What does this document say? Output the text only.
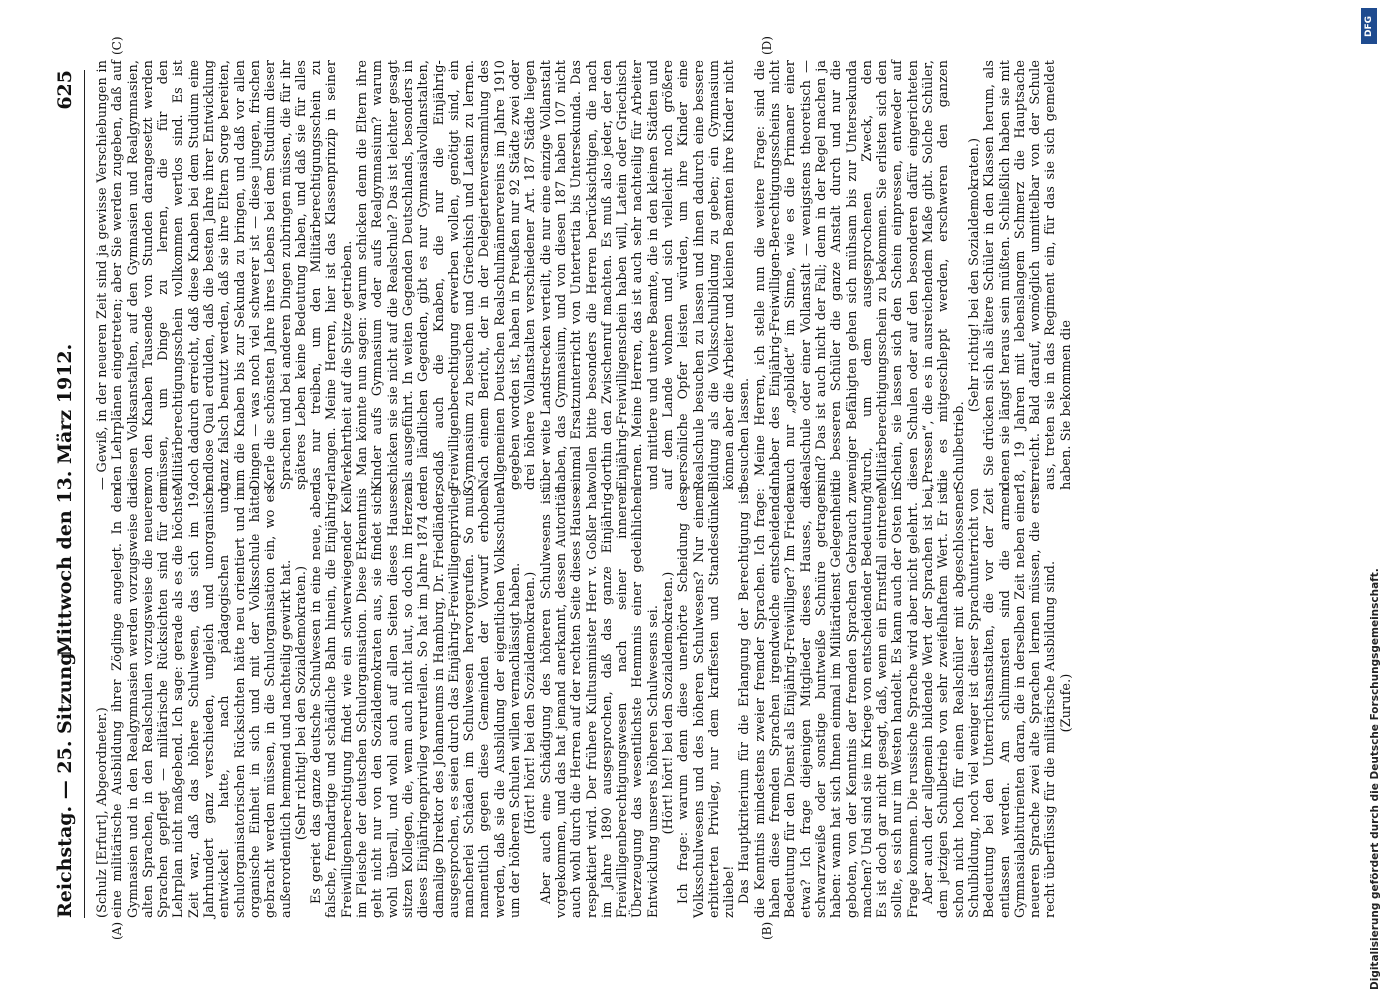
Reichstag. — 25. Sitzung.
Mittwoch den 13. März 1912.
625
(A)	(B)
(C)	(D)

(Schulz [Erfurt], Abgeordneter.) eine militärische Ausbildung ihrer Zöglinge angelegt. In den Gymnasien und in den Realgymnasien werden vorzugsweise die alten Sprachen, in den Realschulen vorzugsweise die neueren Sprachen gepflegt — militärische Rücksichten sind für den Lehrplan nicht maßgebend. Ich sage: gerade als es die höchste Zeit war, daß das höhere Schulwesen, das sich im 19. Jahrhundert ganz verschieden, ungleich und unorganisch entwickelt hatte, nach pädagogischen und schulorganisatorischen Rücksichten hätte neu orientiert und in organische Einheit in sich und mit der Volksschule hätte gebracht werden müssen, in die Schulorganisation ein, wo es außerordentlich hemmend und nachteilig gewirkt hat. (Sehr richtig! bei den Sozialdemokraten.) Es geriet das ganze deutsche Schulwesen in eine neue, aber falsche, fremdartige und schädliche Bahn hinein, die Einjährig-Freiwilligenberechtigung findet wie ein schwerwiegender Keil im Fleische der deutschen Schulorganisation. Diese Erkenntnis geht nicht nur von den Sozialdemokraten aus, sie findet sich wohl überall, und wohl auch auf allen Seiten dieses Hauses sitzen Kollegen, die, wenn auch nicht laut, so doch im Herzen dieses Einjährigenprivileg verurteilen. So hat im Jahre 1874 der damalige Direktor des Johanneums in Hamburg, Dr. Friedländer, ausgesprochen, es seien durch das Einjährig-Freiwilligenprivileg mancherlei Schäden im Schulwesen hervorgerufen. So muß namentlich gegen diese Gemeinden der Vorwurf erhoben werden, daß sie die Ausbildung der eigentlichen Volksschulen um der höheren Schulen willen vernachlässigt haben. (Hört! hört! bei den Sozialdemokraten.) Aber auch eine Schädigung des höheren Schulwesens ist vorgekommen, und das hat jemand anerkannt, dessen Autorität auch wohl durch die Herren auf der rechten Seite dieses Hauses respektiert wird. Der frühere Kultusminister Herr v. Goßler hat im Jahre 1890 ausgesprochen, daß das ganze Einjährig-Freiwilligenberechtigungswesen nach seiner inneren Überzeugung das wesentlichste Hemmnis einer gedeihlichen Entwicklung unseres höheren Schulwesens sei. (Hört! hört! bei den Sozialdemokraten.) Ich frage: warum denn diese unerhörte Scheidung des Volksschulwesens und des höheren Schulwesens? Nur einem erbitterten Privileg, nur dem kraffesten und Standesdünkel zuliebe! Das Hauptkriterium für die Erlangung der Berechtigung ist die Kenntnis mindestens zweier fremder Sprachen. Ich frage: haben diese fremden Sprachen irgendwelche entscheidende Bedeutung für den Dienst als Einjährig-Freiwilliger? Im Frieden etwa? Ich frage diejenigen Mitglieder dieses Hauses, die schwarzweiße oder sonstige buntweiße Schnüre getragen haben: wann hat sich Ihnen einmal im Militärdienst Gelegenheit geboten, von der Kenntnis der fremden Sprachen Gebrauch zu machen? Und sind sie im Kriege von entscheidender Bedeutung? Es ist doch gar nicht gesagt, daß, wenn ein Ernstfall eintreten sollte, es sich nur im Westen handelt. Es kann auch der Osten in Frage kommen. Die russische Sprache wird aber nicht gelehrt. Aber auch der allgemein bildende Wert der Sprachen ist bei dem jetzigen Schulbetrieb von sehr zweifelhaftem Wert. Er ist schon nicht hoch für einen Realschüler mit abgeschlossener Schulbildung, noch viel weniger ist dieser Sprachunterricht von Bedeutung bei den Unterrichtsanstalten, die vor der Zeit entlassen werden. Am schlimmsten sind die armen Gymnasialabiturienten daran, die in derselben Zeit neben einer neueren Sprache zwei alte Sprachen lernen müssen, die erst recht überflüssig für die militärische Ausbildung sind. (Zurufe.)

— Gewiß, in der neueren Zeit sind ja gewisse Verschiebungen in den Lehrplänen eingetreten; aber Sie werden zugeben, daß auf diesen Volksanstalten, auf den Gymnasien und Realgymnasien, von den Knaben Tausende von Stunden darangesetzt werden müssen, um Dinge zu lernen, die für den Militärberechtigungsschein vollkommen wertlos sind. Es ist doch dadurch erreicht, daß diese Knaben bei dem Studium eine endlose Qual erdulden, daß die besten Jahre ihrer Entwicklung ganz falsch benutzt werden, daß sie ihre Eltern Sorge bereiten, um die Knaben bis zur Sekunda zu bringen, und daß vor allen Dingen — was noch viel schwerer ist — diese jungen, frischen Kerle die schönsten Jahre ihres Lebens bei dem Studium dieser Sprachen und bei anderen Dingen zubringen müssen, die für ihr späteres Leben keine Bedeutung haben, und daß sie für alles das nur treiben, um den Militärberechtigungsschein zu erlangen. Meine Herren, hier ist das Klassenprinzip in seiner Verkehrtheit auf die Spitze getrieben. Man könnte nun sagen: warum schicken denn die Eltern ihre Kinder aufs Gymnasium oder aufs Realgymnasium? warum schicken sie sie nicht auf die Realschule? Das ist leichter gesagt als ausgeführt. In weiten Gegenden Deutschlands, besonders in den ländlichen Gegenden, gibt es nur Gymnasialvollanstalten, sodaß auch die Knaben, die nur die Einjährig-Freiwilligenberechtigung erwerben wollen, genötigt sind, ein Gymnasium zu besuchen und Griechisch und Latein zu lernen. Nach einem Bericht, der in der Delegiertenversammlung des Allgemeinen Deutschen Realschulmännervereins im Jahre 1910 gegeben worden ist, haben in Preußen nur 92 Städte zwei oder drei höhere Vollanstalten verschiedener Art. 187 Städte liegen über weite Landstrecken verteilt, die nur eine einzige Vollanstalt haben, das Gymnasium, und von diesen 187 haben 107 nicht einmal Ersatzunterricht von Untertertia bis Untersekunda. Das wollen bitte besonders die Herren berücksichtigen, die nach dorthin den Zwischenruf machten. Es muß also jeder, der den Einjährig-Freiwilligenschein haben will, Latein oder Griechisch lernen. Meine Herren, das ist auch sehr nachteilig für Arbeiter und mittlere und untere Beamte, die in den kleinen Städten und auf dem Lande wohnen und sich vielleicht noch größere persönliche Opfer leisten würden, um ihre Kinder eine Realschule besuchen zu lassen und ihnen dadurch eine bessere Bildung als die Volksschulbildung zu geben; ein Gymnasium können aber die Arbeiter und kleinen Beamten ihre Kinder nicht besuchen lassen. Meine Herren, ich stelle nun die weitere Frage: sind die Inhaber des Einjährig-Freiwilligen-Berechtigungsscheins nicht auch nur „gebildet“ im Sinne, wie es die Primaner einer Realschule oder einer Vollanstalt — wenigstens theoretisch — sind? Das ist auch nicht der Fall; denn in der Regel machen ja die besseren Schüler die ganze Anstalt durch und nur die weniger Befähigten gehen sich mühsam bis zur Untersekunda durch, um dem ausgesprochenen Zweck, den Militärberechtigungsschein zu bekommen. Sie erlisten sich den Schein, sie lassen sich den Schein einpressen, entweder auf diesen Schulen oder auf den besonderen dafür eingerichteten „Pressen“, die es in ausreichendem Maße gibt. Solche Schüler, die es mitgeschleppt werden, erschweren den ganzen Schulbetrieb.

(Sehr richtig! bei den Sozialdemokraten.) Sie drücken sich als ältere Schüler in den Klassen herum, als denen sie längst heraus sein müßten. Schließlich haben sie mit 18, 19 Jahren mit lebenslangem Schmerz die Hauptsache erreicht. Bald darauf, womöglich unmittelbar von der Schule aus, treten sie in das Regiment ein, für das sie sich gemeldet haben. Sie bekommen die

Digitalisierung gefördert durch die Deutsche Forschungsgemeinschaft.
DFG
